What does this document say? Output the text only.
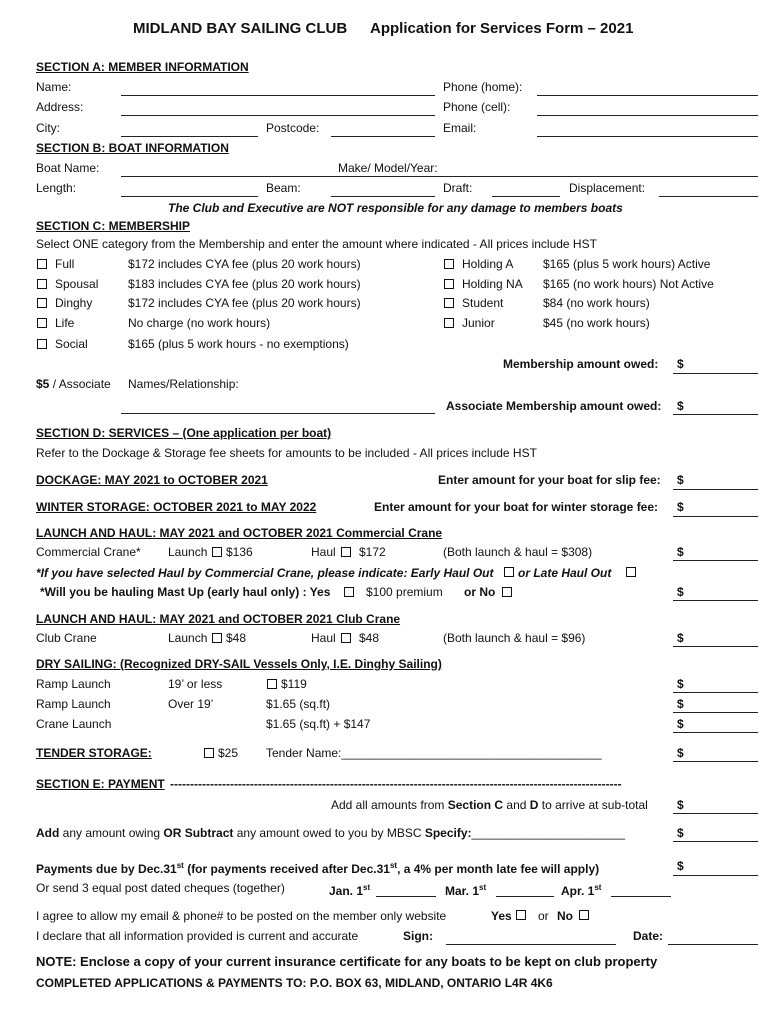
MIDLAND BAY SAILING CLUB Application for Services Form – 2021
SECTION A: MEMBER INFORMATION
Name:	Phone (home):
Address:	Phone (cell):
City:	Postcode:	Email:
SECTION B: BOAT INFORMATION
Boat Name:	Make/ Model/Year:
Length:	Beam:	Draft:	Displacement:
The Club and Executive are NOT responsible for any damage to members boats
SECTION C: MEMBERSHIP
Select ONE category from the Membership and enter the amount where indicated - All prices include HST
Full	$172 includes CYA fee (plus 20 work hours)
Spousal $183 includes CYA fee (plus 20 work hours)
Dinghy	$172 includes CYA fee (plus 20 work hours)
Life	No charge (no work hours)
Social	$165 (plus 5 work hours - no exemptions)
Holding A $165 (plus 5 work hours) Active
Holding NA $165 (no work hours) Not Active
Student	$84 (no work hours)
Junior	$45 (no work hours)
Membership amount owed: $
$5 / Associate Names/Relationship:
Associate Membership amount owed: $
SECTION D: SERVICES – (One application per boat)
Refer to the Dockage & Storage fee sheets for amounts to be included - All prices include HST
DOCKAGE: MAY 2021 to OCTOBER 2021	Enter amount for your boat for slip fee: $
WINTER STORAGE: OCTOBER 2021 to MAY 2022	Enter amount for your boat for winter storage fee: $
LAUNCH AND HAUL: MAY 2021 and OCTOBER 2021 Commercial Crane
Commercial Crane* Launch $136	Haul $172	(Both launch & haul = $308)	$
*If you have selected Haul by Commercial Crane, please indicate: Early Haul Out or Late Haul Out
*Will you be hauling Mast Up (early haul only) : Yes	$100 premium or No	$
LAUNCH AND HAUL: MAY 2021 and OCTOBER 2021 Club Crane
Club Crane	Launch $48	Haul $48	(Both launch & haul = $96)	$
DRY SAILING: (Recognized DRY-SAIL Vessels Only, I.E. Dinghy Sailing)
Ramp Launch	19’ or less	$119	$
Ramp Launch	Over 19’	$1.65 (sq.ft)	$
Crane Launch	$1.65 (sq.ft) + $147	$
TENDER STORAGE:	$25 Tender Name:_______________________________________	$
SECTION E: PAYMENT -----------------------------------------------------------------------------------------------------------------
Add all amounts from Section C and D to arrive at sub-total $
Add any amount owing OR Subtract any amount owed to you by MBSC Specify:_______________________	$
Payments due by Dec.31st (for payments received after Dec.31st, a 4% per month late fee will apply)	$
Or send 3 equal post dated cheques (together)	Jan. 1st	Mar. 1st	Apr. 1st
I agree to allow my email & phone# to be posted on the member only website	Yes or No
I declare that all information provided is current and accurate	Sign:	Date:
NOTE: Enclose a copy of your current insurance certificate for any boats to be kept on club property
COMPLETED APPLICATIONS & PAYMENTS TO: P.O. BOX 63, MIDLAND, ONTARIO L4R 4K6
